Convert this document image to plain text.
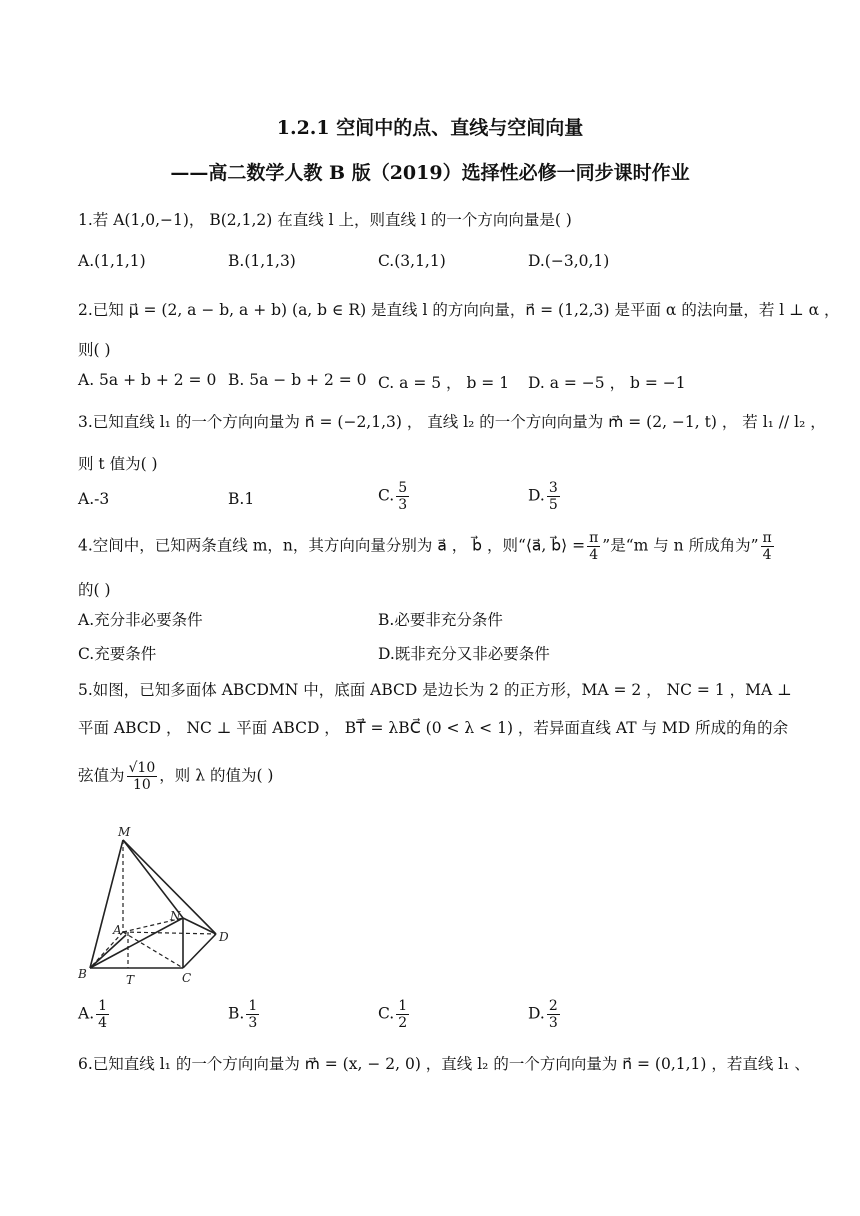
1.2.1 空间中的点、直线与空间向量
——高二数学人教 B 版（2019）选择性必修一同步课时作业
1.若 A(1,0,−1)， B(2,1,2) 在直线 l 上，则直线 l 的一个方向向量是( )
A.(1,1,1)	B.(1,1,3)	C.(3,1,1)	D.(−3,0,1)
2.已知 μ⃗ = (2, a − b, a + b) (a, b ∈ R) 是直线 l 的方向向量，n⃗ = (1,2,3) 是平面 α 的法向量，若 l ⊥ α ，
则( )
A. 5a + b + 2 = 0 B. 5a − b + 2 = 0 C. a = 5 ， b = 1 D. a = −5 ， b = −1
3.已知直线 l₁ 的一个方向向量为 n⃗ = (−2,1,3) ， 直线 l₂ 的一个方向向量为 m⃗ = (2, −1, t) ， 若 l₁ // l₂ ，
则 t 值为( )
A.-3	B.1	C. $\frac{5}{3}$	D. $\frac{3}{5}$
4.空间中，已知两条直线 m，n，其方向向量分别为 a⃗ ， b⃗ ，则“⟨a⃗, b⃗⟩ = $\frac{\pi}{4}$ ”是“m 与 n 所成角为” $\frac{\pi}{4}$
的( )
A.充分非必要条件	B.必要非充分条件
C.充要条件	D.既非充分又非必要条件
5.如图，已知多面体 ABCDMN 中，底面 ABCD 是边长为 2 的正方形，MA = 2 ， NC = 1 ，MA ⊥
平面 ABCD ， NC ⊥ 平面 ABCD ， BT⃗ = λBC⃗ (0 < λ < 1) ，若异面直线 AT 与 MD 所成的角的余
弦值为 $\frac{√10}{10}$ ，则 λ 的值为( )
M
N
A	D
B	T	C
A. $\frac{1}{4}$	B. $\frac{1}{3}$	C. $\frac{1}{2}$	D. $\frac{2}{3}$
6.已知直线 l₁ 的一个方向向量为 m⃗ = (x, − 2, 0) ，直线 l₂ 的一个方向向量为 n⃗ = (0,1,1) ，若直线 l₁ 、
